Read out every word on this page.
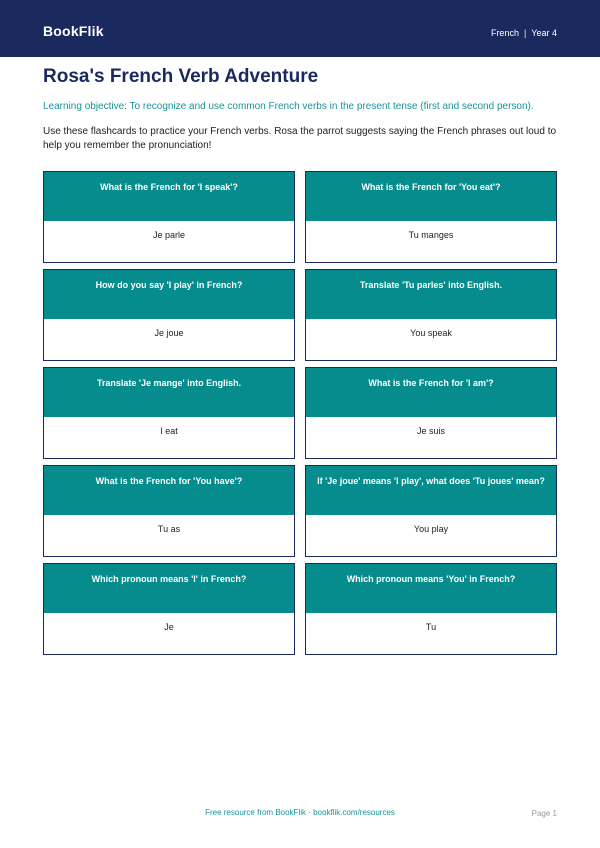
BookFlik	French | Year 4
Rosa's French Verb Adventure
Learning objective: To recognize and use common French verbs in the present tense (first and second person).
Use these flashcards to practice your French verbs. Rosa the parrot suggests saying the French phrases out loud to help you remember the pronunciation!
What is the French for 'I speak'?
Je parle
What is the French for 'You eat'?
Tu manges
How do you say 'I play' in French?
Je joue
Translate 'Tu parles' into English.
You speak
Translate 'Je mange' into English.
I eat
What is the French for 'I am'?
Je suis
What is the French for 'You have'?
Tu as
If 'Je joue' means 'I play', what does 'Tu joues' mean?
You play
Which pronoun means 'I' in French?
Je
Which pronoun means 'You' in French?
Tu
Free resource from BookFlik · bookflik.com/resources	Page 1
